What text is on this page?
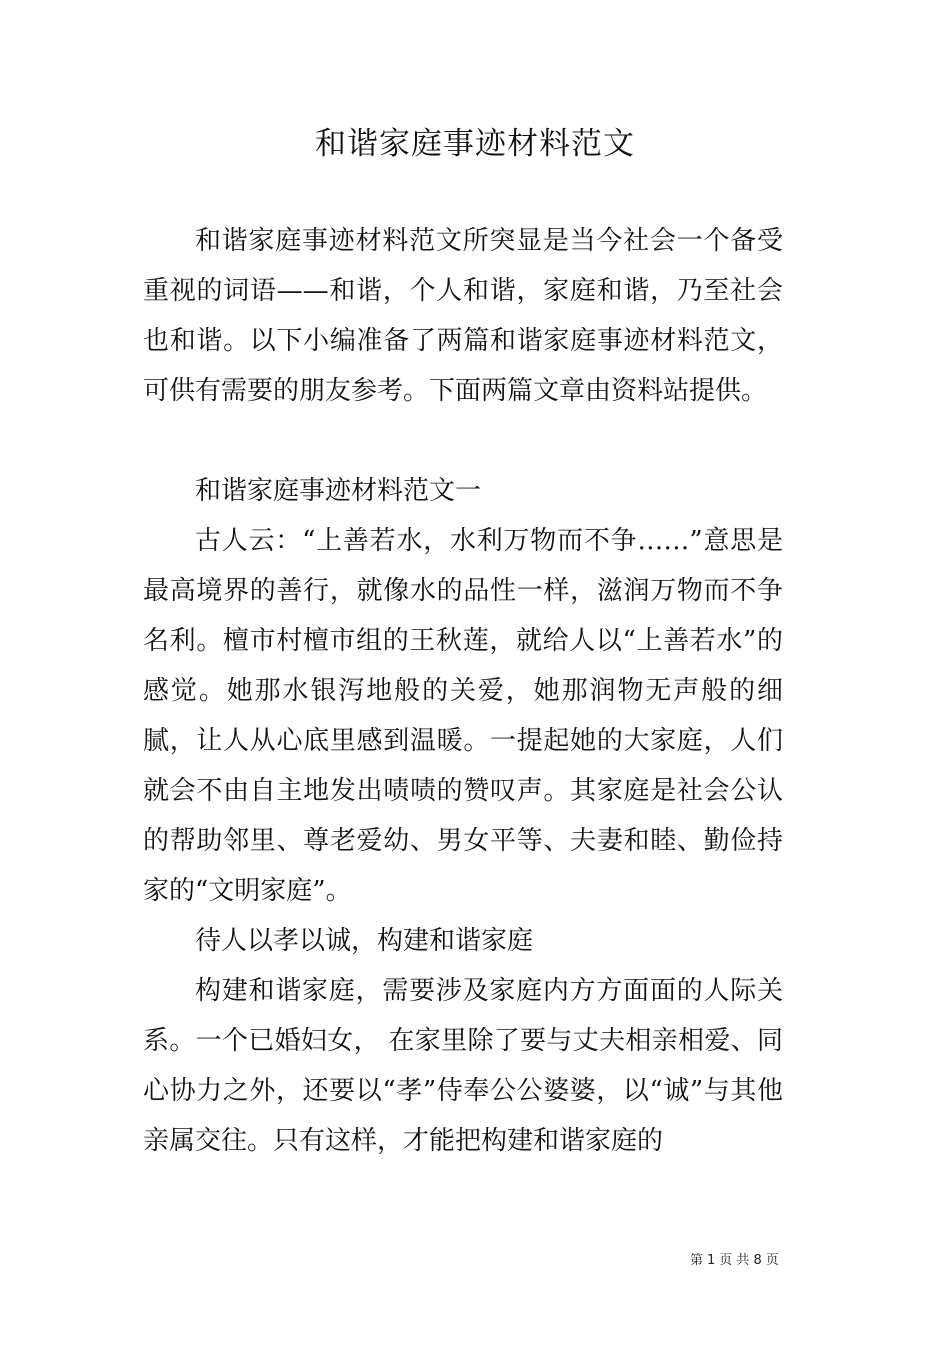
和谐家庭事迹材料范文

和谐家庭事迹材料范文所突显是当今社会一个备受重视的词语——和谐，个人和谐，家庭和谐，乃至社会也和谐。以下小编准备了两篇和谐家庭事迹材料范文，可供有需要的朋友参考。下面两篇文章由资料站提供。

和谐家庭事迹材料范文一

古人云：“上善若水，水利万物而不争……”意思是最高境界的善行，就像水的品性一样，滋润万物而不争名利。檀市村檀市组的王秋莲，就给人以“上善若水”的感觉。她那水银泻地般的关爱，她那润物无声般的细腻，让人从心底里感到温暖。一提起她的大家庭，人们就会不由自主地发出啧啧的赞叹声。其家庭是社会公认的帮助邻里、尊老爱幼、男女平等、夫妻和睦、勤俭持家的“文明家庭”。

待人以孝以诚，构建和谐家庭

构建和谐家庭，需要涉及家庭内方方面面的人际关系。一个已婚妇女， 在家里除了要与丈夫相亲相爱、同心协力之外，还要以“孝”侍奉公公婆婆，以“诚”与其他亲属交往。只有这样，才能把构建和谐家庭的

第 1 页 共 8 页
